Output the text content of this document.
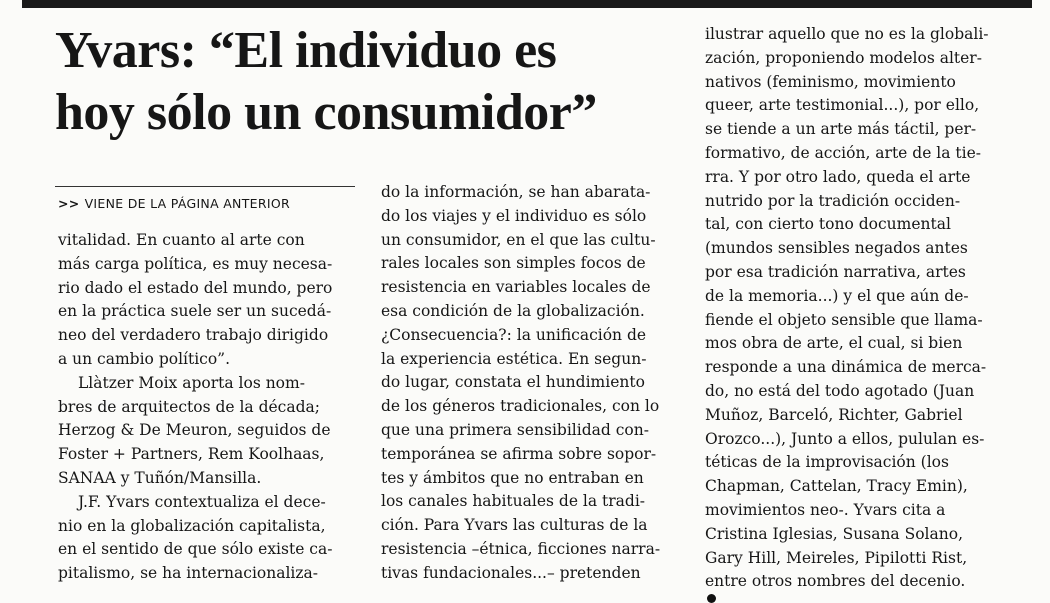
Yvars: “El individuo es
hoy sólo un consumidor”
>> VIENE DE LA PÁGINA ANTERIOR
vitalidad. En cuanto al arte con
más carga política, es muy necesa-
rio dado el estado del mundo, pero
en la práctica suele ser un sucedá-
neo del verdadero trabajo dirigido
a un cambio político”.
Llàtzer Moix aporta los nom-
bres de arquitectos de la década;
Herzog & De Meuron, seguidos de
Foster + Partners, Rem Koolhaas,
SANAA y Tuñón/Mansilla.
J.F. Yvars contextualiza el dece-
nio en la globalización capitalista,
en el sentido de que sólo existe ca-
pitalismo, se ha internacionaliza-
do la información, se han abarata-
do los viajes y el individuo es sólo
un consumidor, en el que las cultu-
rales locales son simples focos de
resistencia en variables locales de
esa condición de la globalización.
¿Consecuencia?: la unificación de
la experiencia estética. En segun-
do lugar, constata el hundimiento
de los géneros tradicionales, con lo
que una primera sensibilidad con-
temporánea se afirma sobre sopor-
tes y ámbitos que no entraban en
los canales habituales de la tradi-
ción. Para Yvars las culturas de la
resistencia –étnica, ficciones narra-
tivas fundacionales...– pretenden
ilustrar aquello que no es la globali-
zación, proponiendo modelos alter-
nativos (feminismo, movimiento
queer, arte testimonial...), por ello,
se tiende a un arte más táctil, per-
formativo, de acción, arte de la tie-
rra. Y por otro lado, queda el arte
nutrido por la tradición occiden-
tal, con cierto tono documental
(mundos sensibles negados antes
por esa tradición narrativa, artes
de la memoria...) y el que aún de-
fiende el objeto sensible que llama-
mos obra de arte, el cual, si bien
responde a una dinámica de merca-
do, no está del todo agotado (Juan
Muñoz, Barceló, Richter, Gabriel
Orozco...), Junto a ellos, pululan es-
téticas de la improvisación (los
Chapman, Cattelan, Tracy Emin),
movimientos neo-. Yvars cita a
Cristina Iglesias, Susana Solano,
Gary Hill, Meireles, Pipilotti Rist,
entre otros nombres del decenio.
